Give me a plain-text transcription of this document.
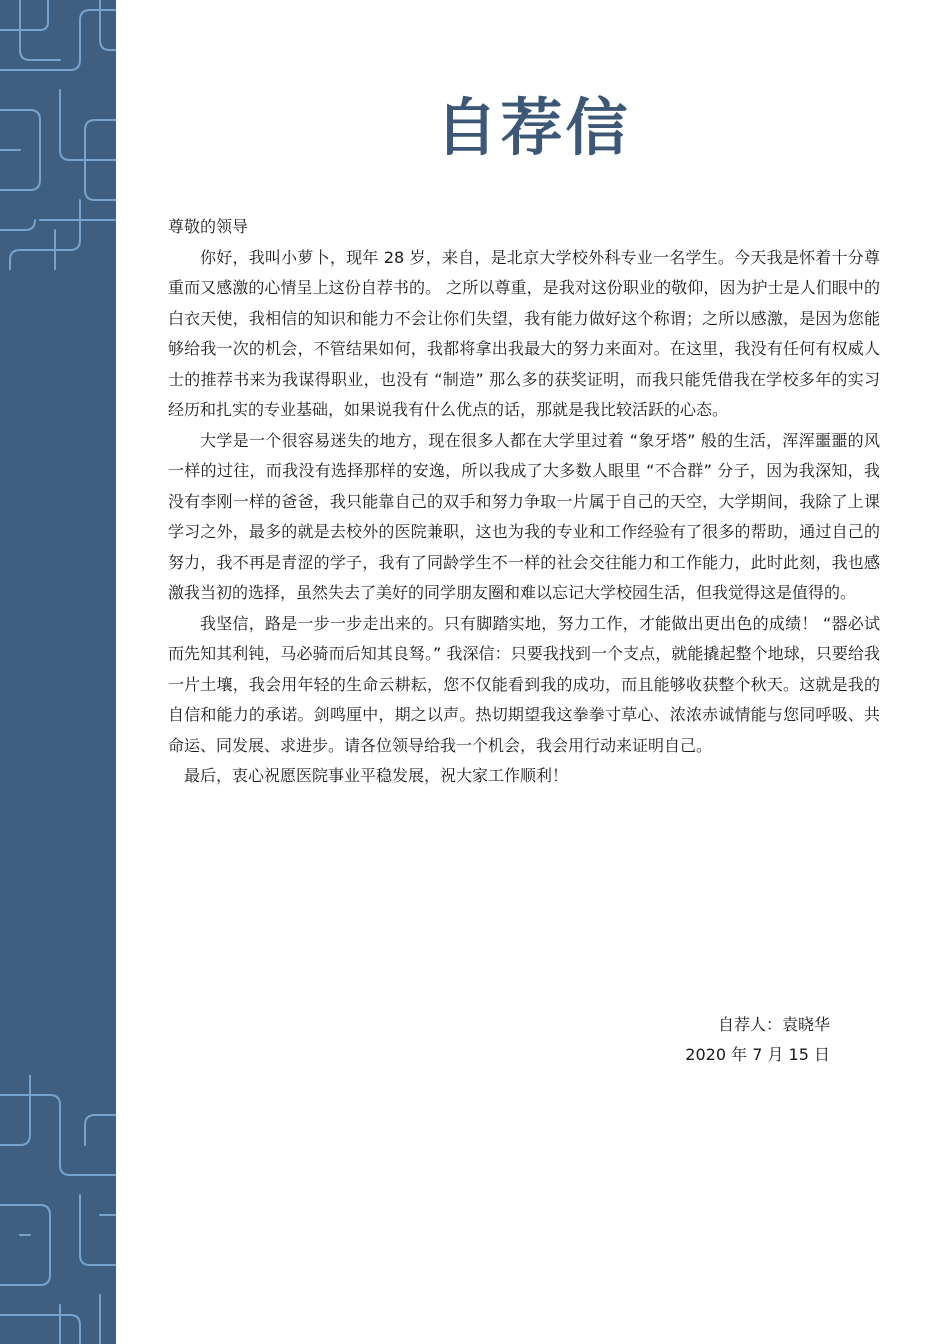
自荐信

尊敬的领导

你好，我叫小萝卜，现年 28 岁，来自，是北京大学校外科专业一名学生。今天我是怀着十分尊重而又感激的心情呈上这份自荐书的。 之所以尊重，是我对这份职业的敬仰，因为护士是人们眼中的白衣天使，我相信的知识和能力不会让你们失望，我有能力做好这个称谓；之所以感激，是因为您能够给我一次的机会，不管结果如何，我都将拿出我最大的努力来面对。在这里，我没有任何有权威人士的推荐书来为我谋得职业，也没有 “制造” 那么多的获奖证明，而我只能凭借我在学校多年的实习经历和扎实的专业基础，如果说我有什么优点的话，那就是我比较活跃的心态。

大学是一个很容易迷失的地方，现在很多人都在大学里过着 “象牙塔” 般的生活，浑浑噩噩的风一样的过往，而我没有选择那样的安逸，所以我成了大多数人眼里 “不合群” 分子，因为我深知，我没有李刚一样的爸爸，我只能靠自己的双手和努力争取一片属于自己的天空，大学期间，我除了上课学习之外，最多的就是去校外的医院兼职，这也为我的专业和工作经验有了很多的帮助，通过自己的努力，我不再是青涩的学子，我有了同龄学生不一样的社会交往能力和工作能力，此时此刻，我也感激我当初的选择，虽然失去了美好的同学朋友圈和难以忘记大学校园生活，但我觉得这是值得的。

我坚信，路是一步一步走出来的。只有脚踏实地，努力工作，才能做出更出色的成绩！ “器必试而先知其利钝，马必骑而后知其良驽。” 我深信：只要我找到一个支点，就能撬起整个地球，只要给我一片土壤，我会用年轻的生命云耕耘，您不仅能看到我的成功，而且能够收获整个秋天。这就是我的自信和能力的承诺。剑鸣厘中，期之以声。热切期望我这拳拳寸草心、浓浓赤诚情能与您同呼吸、共命运、同发展、求进步。请各位领导给我一个机会，我会用行动来证明自己。

最后，衷心祝愿医院事业平稳发展，祝大家工作顺利！

自荐人：袁晓华
2020 年 7 月 15 日
